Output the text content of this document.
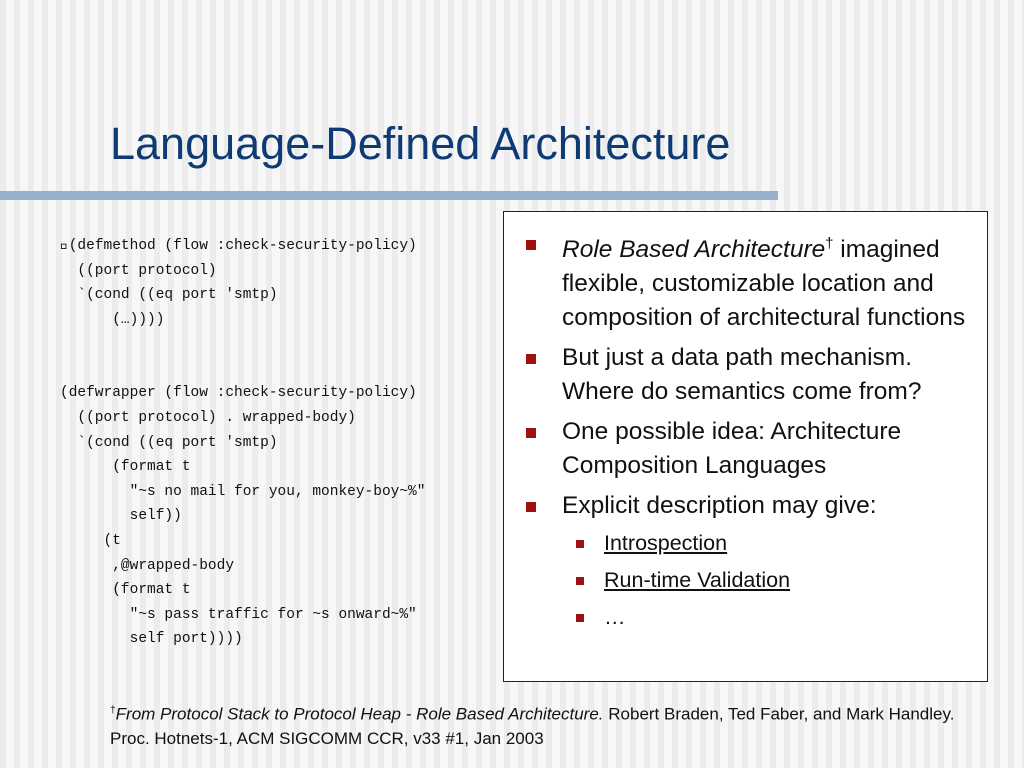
Language-Defined Architecture
 (defmethod (flow :check-security-policy)
((port protocol)
`(cond ((eq port 'smtp)
(…))))
(defwrapper (flow :check-security-policy)
((port protocol) . wrapped-body)
`(cond ((eq port 'smtp)
(format t
"~s no mail for you, monkey-boy~%"
self))
(t
,@wrapped-body
(format t
"~s pass traffic for ~s onward~%"
self port))))
Role Based Architecture† imagined flexible, customizable location and composition of architectural functions
But just a data path mechanism. Where do semantics come from?
One possible idea: Architecture Composition Languages
Explicit description may give:
Introspection
Run-time Validation
…
†From Protocol Stack to Protocol Heap - Role Based Architecture. Robert Braden, Ted Faber, and Mark Handley. Proc. Hotnets-1, ACM SIGCOMM CCR, v33 #1, Jan 2003
